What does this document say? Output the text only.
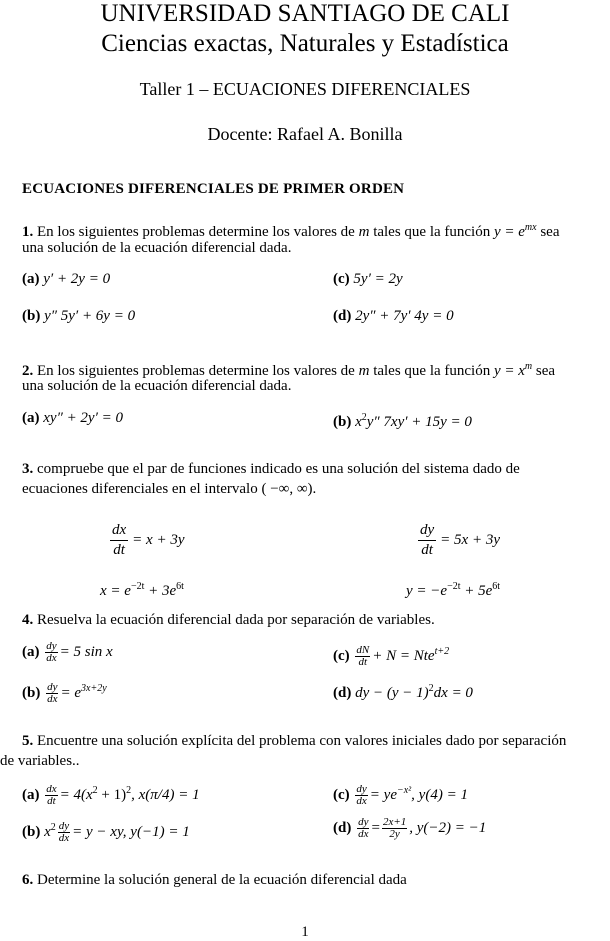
UNIVERSIDAD SANTIAGO DE CALI
Ciencias exactas, Naturales y Estadística
Taller 1 – ECUACIONES DIFERENCIALES
Docente: Rafael A. Bonilla
ECUACIONES DIFERENCIALES DE PRIMER ORDEN
1. En los siguientes problemas determine los valores de m tales que la función $y = e^{mx}$ sea
una solución de la ecuación diferencial dada.
(a) y′ + 2y = 0	(c) 5y′ = 2y
(b) y″ 5y′ + 6y = 0	(d) 2y″ + 7y′ 4y = 0
2. En los siguientes problemas determine los valores de m tales que la función $y = x^m$ sea
una solución de la ecuación diferencial dada.
(a) xy″ + 2y′ = 0	(b) $x^2y''$ 7xy′ + 15y = 0
3. compruebe que el par de funciones indicado es una solución del sistema dado de
ecuaciones diferenciales en el intervalo ( −∞, ∞).
$\frac{dx}{dt} = x + 3y$	$\frac{dy}{dt} = 5x + 3y$
$x = e^{-2t} + 3e^{6t}$	$y = -e^{-2t} + 5e^{6t}$
4. Resuelva la ecuación diferencial dada por separación de variables.
$(a) \frac{dy}{dx} = 5$ sin x	$(c) \frac{dN}{dt} + N = Nte^{t+2}$
$(b) \frac{dy}{dx} = e^{3x+2y}$	(d) dy − $(y - 1)^2dx = 0$
5. Encuentre una solución explícita del problema con valores iniciales dado por separación
de variables..
$(a) \frac{dx}{dt} = 4(x^2 + 1)^2$, x(π/4) = 1	$(c) \frac{dy}{dx} = ye^{-x^2}$, y(4) = 1
(b) $x^2 \frac{dy}{dx} = y$ − xy, y(−1) = 1	$(d) \frac{dy}{dx} = \frac{2x+1}{2y}$ , y(−2) = −1
6. Determine la solución general de la ecuación diferencial dada
1
